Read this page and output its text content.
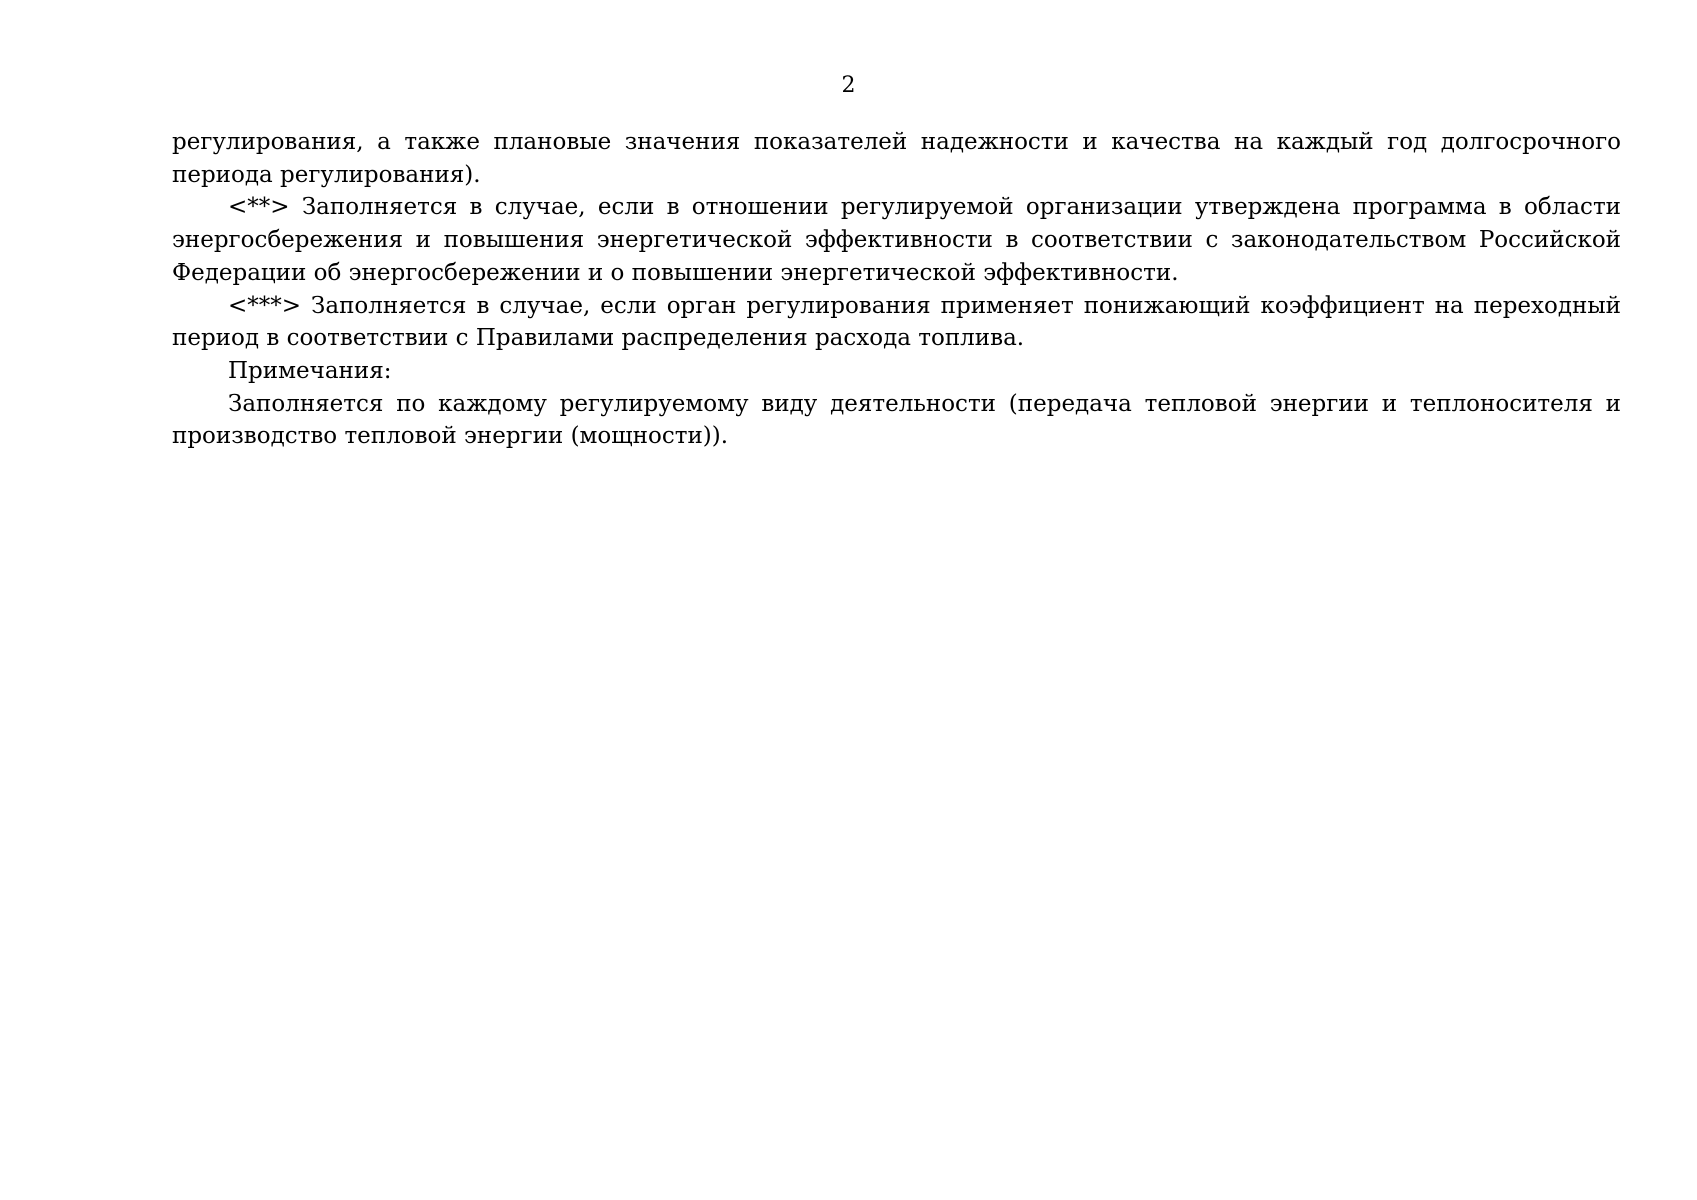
2

регулирования, а также плановые значения показателей надежности и качества на каждый год долгосрочного периода регулирования).

<**> Заполняется в случае, если в отношении регулируемой организации утверждена программа в области энергосбережения и повышения энергетической эффективности в соответствии с законодательством Российской Федерации об энергосбережении и о повышении энергетической эффективности.

<***> Заполняется в случае, если орган регулирования применяет понижающий коэффициент на переходный период в соответствии с Правилами распределения расхода топлива.

Примечания:

Заполняется по каждому регулируемому виду деятельности (передача тепловой энергии и теплоносителя и производство тепловой энергии (мощности)).
